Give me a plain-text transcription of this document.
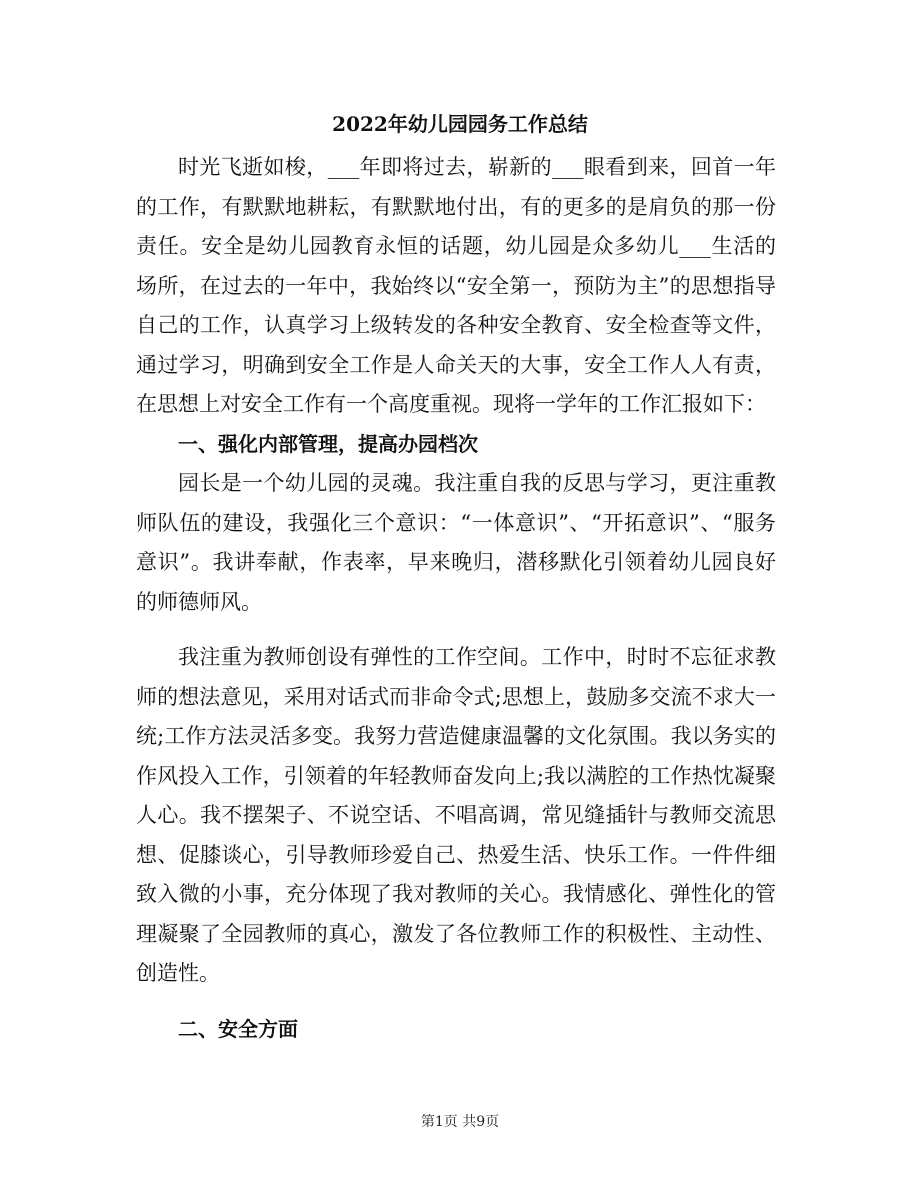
2022年幼儿园园务工作总结

时光飞逝如梭，___年即将过去，崭新的___眼看到来，回首一年的工作，有默默地耕耘，有默默地付出，有的更多的是肩负的那一份责任。安全是幼儿园教育永恒的话题，幼儿园是众多幼儿___生活的场所，在过去的一年中，我始终以“安全第一，预防为主”的思想指导自己的工作，认真学习上级转发的各种安全教育、安全检查等文件，通过学习，明确到安全工作是人命关天的大事，安全工作人人有责，在思想上对安全工作有一个高度重视。现将一学年的工作汇报如下：

一、强化内部管理，提高办园档次

园长是一个幼儿园的灵魂。我注重自我的反思与学习，更注重教师队伍的建设，我强化三个意识：“一体意识”、“开拓意识”、“服务意识”。我讲奉献，作表率，早来晚归，潜移默化引领着幼儿园良好的师德师风。

我注重为教师创设有弹性的工作空间。工作中，时时不忘征求教师的想法意见，采用对话式而非命令式;思想上，鼓励多交流不求大一统;工作方法灵活多变。我努力营造健康温馨的文化氛围。我以务实的作风投入工作，引领着的年轻教师奋发向上;我以满腔的工作热忱凝聚人心。我不摆架子、不说空话、不唱高调，常见缝插针与教师交流思想、促膝谈心，引导教师珍爱自己、热爱生活、快乐工作。一件件细致入微的小事，充分体现了我对教师的关心。我情感化、弹性化的管理凝聚了全园教师的真心，激发了各位教师工作的积极性、主动性、创造性。

二、安全方面

第1页 共9页
